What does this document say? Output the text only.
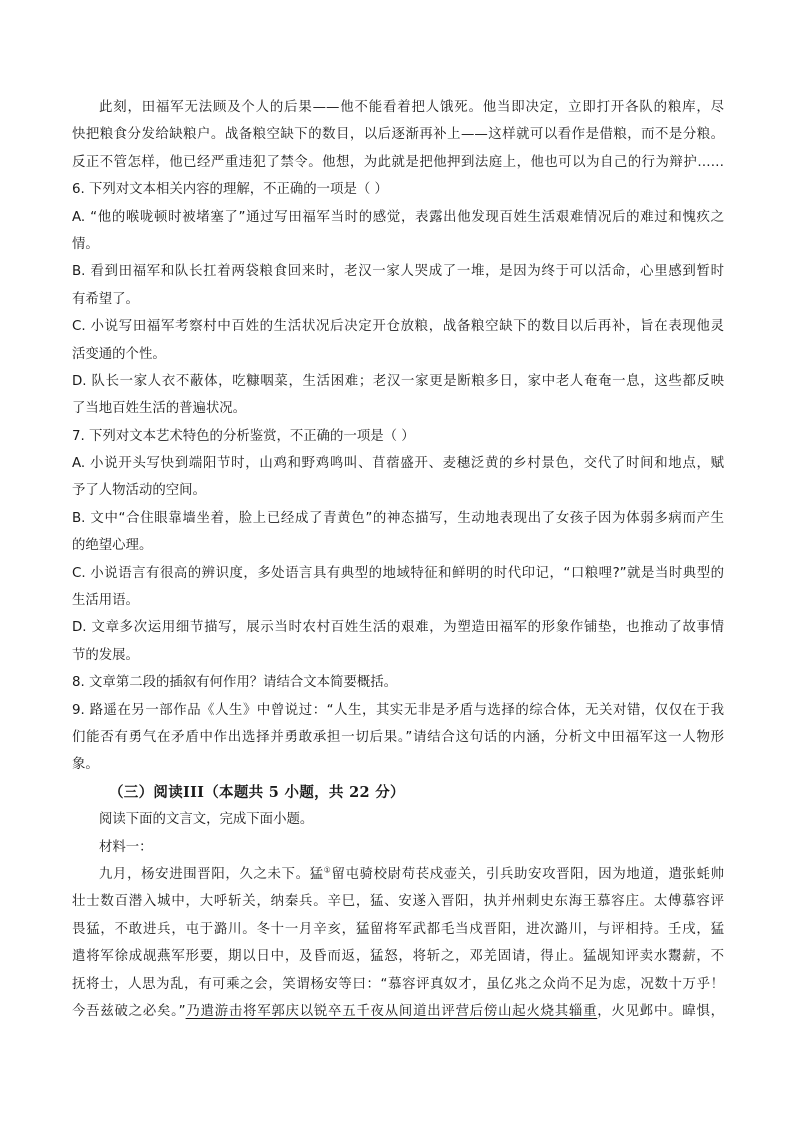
此刻，田福军无法顾及个人的后果——他不能看着把人饿死。他当即决定，立即打开各队的粮库，尽
快把粮食分发给缺粮户。战备粮空缺下的数目，以后逐渐再补上——这样就可以看作是借粮，而不是分粮。
反正不管怎样，他已经严重违犯了禁令。他想，为此就是把他押到法庭上，他也可以为自己的行为辩护……
6. 下列对文本相关内容的理解，不正确的一项是（ ）
A. “他的喉咙顿时被堵塞了”通过写田福军当时的感觉，表露出他发现百姓生活艰难情况后的难过和愧疚之
情。
B. 看到田福军和队长扛着两袋粮食回来时，老汉一家人哭成了一堆，是因为终于可以活命，心里感到暂时
有希望了。
C. 小说写田福军考察村中百姓的生活状况后决定开仓放粮，战备粮空缺下的数目以后再补，旨在表现他灵
活变通的个性。
D. 队长一家人衣不蔽体，吃糠咽菜，生活困难；老汉一家更是断粮多日，家中老人奄奄一息，这些都反映
了当地百姓生活的普遍状况。
7. 下列对文本艺术特色的分析鉴赏，不正确的一项是（ ）
A. 小说开头写快到端阳节时，山鸡和野鸡鸣叫、苜蓿盛开、麦穗泛黄的乡村景色，交代了时间和地点，赋
予了人物活动的空间。
B. 文中“合住眼靠墙坐着，脸上已经成了青黄色”的神态描写，生动地表现出了女孩子因为体弱多病而产生
的绝望心理。
C. 小说语言有很高的辨识度，多处语言具有典型的地域特征和鲜明的时代印记，“口粮哩?”就是当时典型的
生活用语。
D. 文章多次运用细节描写，展示当时农村百姓生活的艰难，为塑造田福军的形象作铺垫，也推动了故事情
节的发展。
8. 文章第二段的插叙有何作用？请结合文本简要概括。
9. 路遥在另一部作品《人生》中曾说过：“人生，其实无非是矛盾与选择的综合体，无关对错，仅仅在于我
们能否有勇气在矛盾中作出选择并勇敢承担一切后果。”请结合这句话的内涵，分析文中田福军这一人物形
象。
（三）阅读III（本题共 5 小题，共 22 分）
阅读下面的文言文，完成下面小题。
材料一：
九月，杨安进围晋阳，久之未下。猛①留屯骑校尉苟苌戍壶关，引兵助安攻晋阳，因为地道，遣张蚝帅
壮士数百潜入城中，大呼斩关，纳秦兵。辛巳，猛、安遂入晋阳，执并州刺史东海王慕容庄。太傅慕容评
畏猛，不敢进兵，屯于潞川。冬十一月辛亥，猛留将军武都毛当戍晋阳，进次潞川，与评相持。壬戌，猛
遣将军徐成觇燕军形要，期以日中，及昏而返，猛怒，将斩之，邓羌固请，得止。猛觇知评卖水鬻薪，不
抚将士，人思为乱，有可乘之会，笑谓杨安等曰：“慕容评真奴才，虽亿兆之众尚不足为虑，况数十万乎！
今吾兹破之必矣。”乃遣游击将军郭庆以锐卒五千夜从间道出评营后傍山起火烧其辎重，火见邺中。暐惧，
